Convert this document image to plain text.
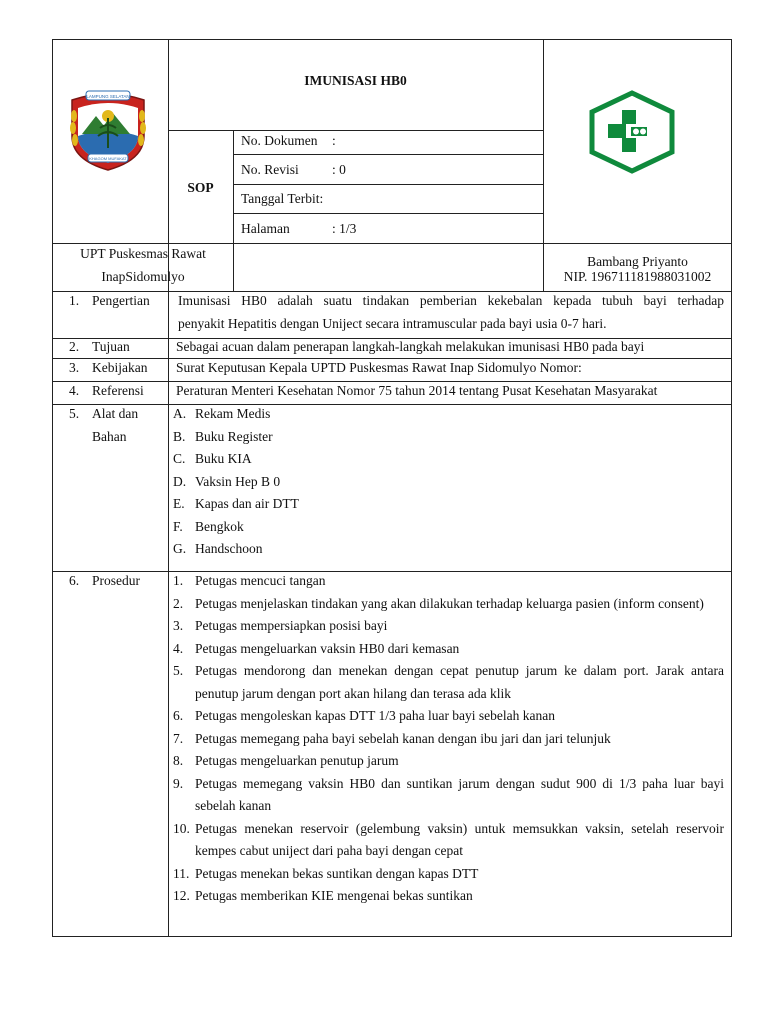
LAMPUNG SELATAN
KHAGOM MUFAKAT
IMUNISASI HB0
SOP
No. Dokumen :
No. Revisi : 0
Tanggal Terbit:
Halaman	: 1/3
UPT Puskesmas Rawat
InapSidomulyo
Bambang Priyanto
NIP. 196711181988031002
1. Pengertian Imunisasi HB0 adalah suatu tindakan pemberian kekebalan kepada tubuh bayi terhadap
penyakit Hepatitis dengan Uniject secara intramuscular pada bayi usia 0-7 hari.
2. Tujuan	Sebagai acuan dalam penerapan langkah-langkah melakukan imunisasi HB0 pada bayi
3. Kebijakan Surat Keputusan Kepala UPTD Puskesmas Rawat Inap Sidomulyo Nomor:
4. Referensi Peraturan Menteri Kesehatan Nomor 75 tahun 2014 tentang Pusat Kesehatan Masyarakat
5. Alat dan
Bahan
A. Rekam Medis
B. Buku Register
C. Buku KIA
D. Vaksin Hep B 0
E. Kapas dan air DTT
F. Bengkok
G. Handschoon
6. Prosedur 1. Petugas mencuci tangan
2. Petugas menjelaskan tindakan yang akan dilakukan terhadap keluarga pasien (inform consent)
3. Petugas mempersiapkan posisi bayi
4. Petugas mengeluarkan vaksin HB0 dari kemasan
5. Petugas mendorong dan menekan dengan cepat penutup jarum ke dalam port. Jarak antara penutup jarum dengan port akan hilang dan terasa ada klik
6. Petugas mengoleskan kapas DTT 1/3 paha luar bayi sebelah kanan
7. Petugas memegang paha bayi sebelah kanan dengan ibu jari dan jari telunjuk
8. Petugas mengeluarkan penutup jarum
9. Petugas memegang vaksin HB0 dan suntikan jarum dengan sudut 900 di 1/3 paha luar bayi sebelah kanan
10. Petugas menekan reservoir (gelembung vaksin) untuk memsukkan vaksin, setelah reservoir kempes cabut uniject dari paha bayi dengan cepat
11. Petugas menekan bekas suntikan dengan kapas DTT
12. Petugas memberikan KIE mengenai bekas suntikan
